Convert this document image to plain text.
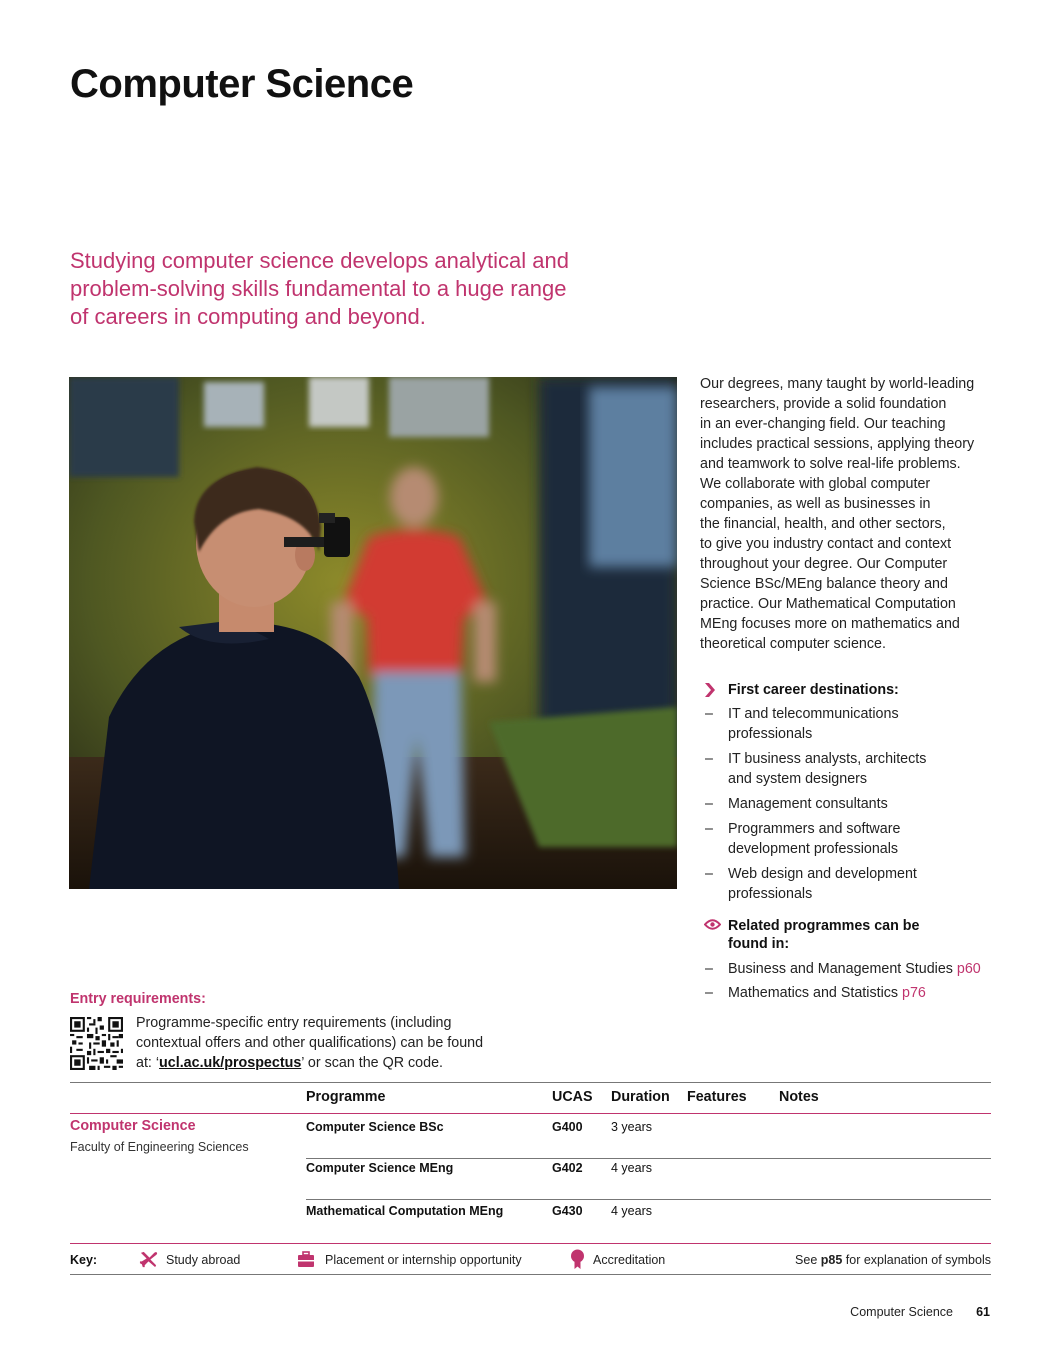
Computer Science
Studying computer science develops analytical and
problem-solving skills fundamental to a huge range
of careers in computing and beyond.
Our degrees, many taught by world-leading
researchers, provide a solid foundation
in an ever-changing field. Our teaching
includes practical sessions, applying theory
and teamwork to solve real-life problems.
We collaborate with global computer
companies, as well as businesses in
the financial, health, and other sectors,
to give you industry contact and context
throughout your degree. Our Computer
Science BSc/MEng balance theory and
practice. Our Mathematical Computation
MEng focuses more on mathematics and
theoretical computer science.
First career destinations:
– IT and telecommunications
professionals
– IT business analysts, architects
and system designers
– Management consultants
– Programmers and software
development professionals
– Web design and development
professionals
Related programmes can be
found in:
– Business and Management Studies p60
– Mathematics and Statistics p76
Entry requirements:
Programme-specific entry requirements (including
contextual offers and other qualifications) can be found
at: ‘ucl.ac.uk/prospectus’ or scan the QR code.
Programme	UCAS Duration Features Notes
Computer Science
Faculty of Engineering Sciences
Computer Science BSc	G400 3 years
Computer Science MEng	G402 4 years
Mathematical Computation MEng	G430 4 years
Key:	Study abroad	Placement or internship opportunity	Accreditation	See p85 for explanation of symbols
Computer Science 61
